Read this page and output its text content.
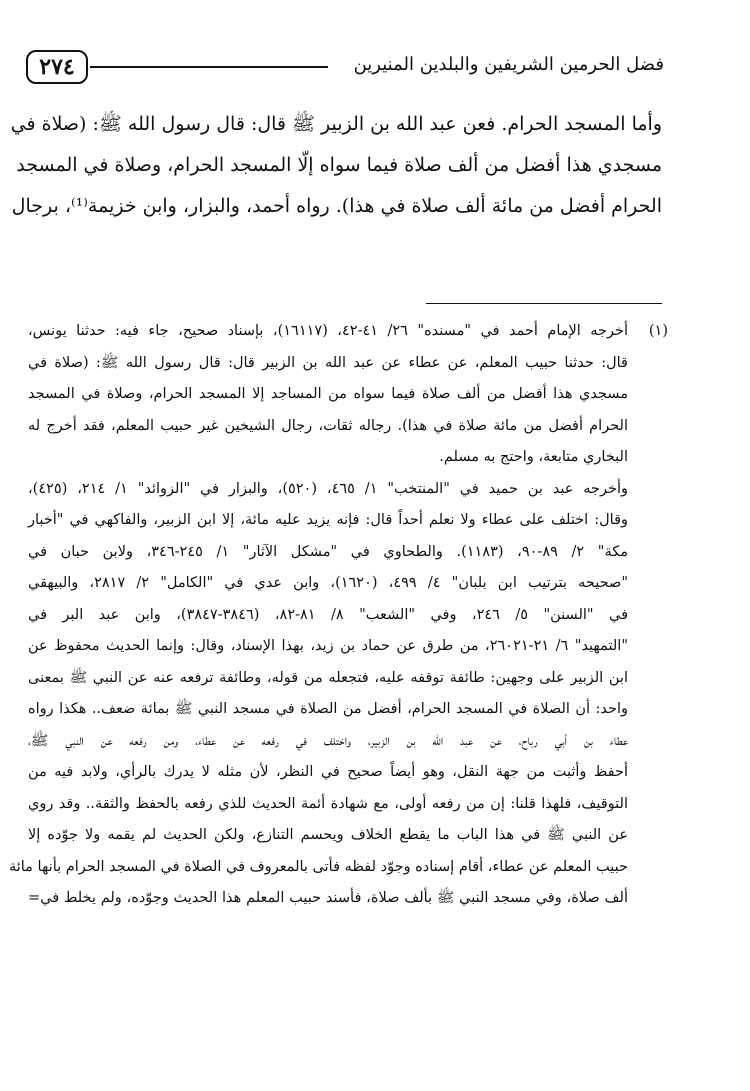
٢٧٤	فضل الحرمين الشريفين والبلدين المنيرين
وأما المسجد الحرام. فعن عبد الله بن الزبير ﷺ قال: قال رسول الله ﷺ: (صلاة في
مسجدي هذا أفضل من ألف صلاة فيما سواه إلّا المسجد الحرام، وصلاة في المسجد
الحرام أفضل من مائة ألف صلاة في هذا). رواه أحمد، والبزار، وابن خزيمة⁽¹⁾، برجال
(١)
أخرجه الإمام أحمد في "مسنده" ٢٦/ ٤١-٤٢، (١٦١١٧)، بإسناد صحيح، جاء فيه: حدثنا يونس،
قال: حدثنا حبيب المعلم، عن عطاء عن عبد الله بن الزبير قال: قال رسول الله ﷺ: (صلاة في
مسجدي هذا أفضل من ألف صلاة فيما سواه من المساجد إلا المسجد الحرام، وصلاة في المسجد
الحرام أفضل من مائة صلاة في هذا). رجاله ثقات، رجال الشيخين غير حبيب المعلم، فقد أخرج له
البخاري متابعة، واحتج به مسلم.
وأخرجه عبد بن حميد في "المنتخب" ١/ ٤٦٥، (٥٢٠)، والبزار في "الزوائد" ١/ ٢١٤، (٤٢٥)،
وقال: اختلف على عطاء ولا نعلم أحداً قال: فإنه يزيد عليه مائة، إلا ابن الزبير، والفاكهي في "أخبار
مكة" ٢/ ٨٩-٩٠، (١١٨٣). والطحاوي في "مشكل الآثار" ١/ ٢٤٥-٣٤٦، ولابن حبان في
"صحيحه بترتيب ابن بلبان" ٤/ ٤٩٩، (١٦٢٠)، وابن عدي في "الكامل" ٢/ ٢٨١٧، والبيهقي
في "السنن" ٥/ ٢٤٦، وفي "الشعب" ٨/ ٨١-٨٢، (٣٨٤٦-٣٨٤٧)، وابن عبد البر في
"التمهيد" ٦/ ٢١-٢٦٠٢١، من طرق عن حماد بن زيد، بهذا الإسناد، وقال: وإنما الحديث محفوظ عن
ابن الزبير على وجهين: طائفة توقفه عليه، فتجعله من قوله، وطائفة ترفعه عنه عن النبي ﷺ بمعنى
واحد: أن الصلاة في المسجد الحرام، أفضل من الصلاة في مسجد النبي ﷺ بمائة ضعف.. هكذا رواه
عطاء بن أبي رباح، عن عبد الله بن الزبير، واختلف في رفعه عن عطاء، ومن رفعه عن النبي ﷺ،
أحفظ وأثبت من جهة النقل، وهو أيضاً صحيح في النظر، لأن مثله لا يدرك بالرأي، ولابد فيه من
التوقيف، فلهذا قلنا: إن من رفعه أولى، مع شهادة أئمة الحديث للذي رفعه بالحفظ والثقة.. وقد روي
عن النبي ﷺ في هذا الباب ما يقطع الخلاف ويحسم التنازع، ولكن الحديث لم يقمه ولا جوّده إلا
حبيب المعلم عن عطاء، أقام إسناده وجوّد لفظه فأتى بالمعروف في الصلاة في المسجد الحرام بأنها مائة
ألف صلاة، وفي مسجد النبي ﷺ بألف صلاة، فأسند حبيب المعلم هذا الحديث وجوّده، ولم يخلط في=
